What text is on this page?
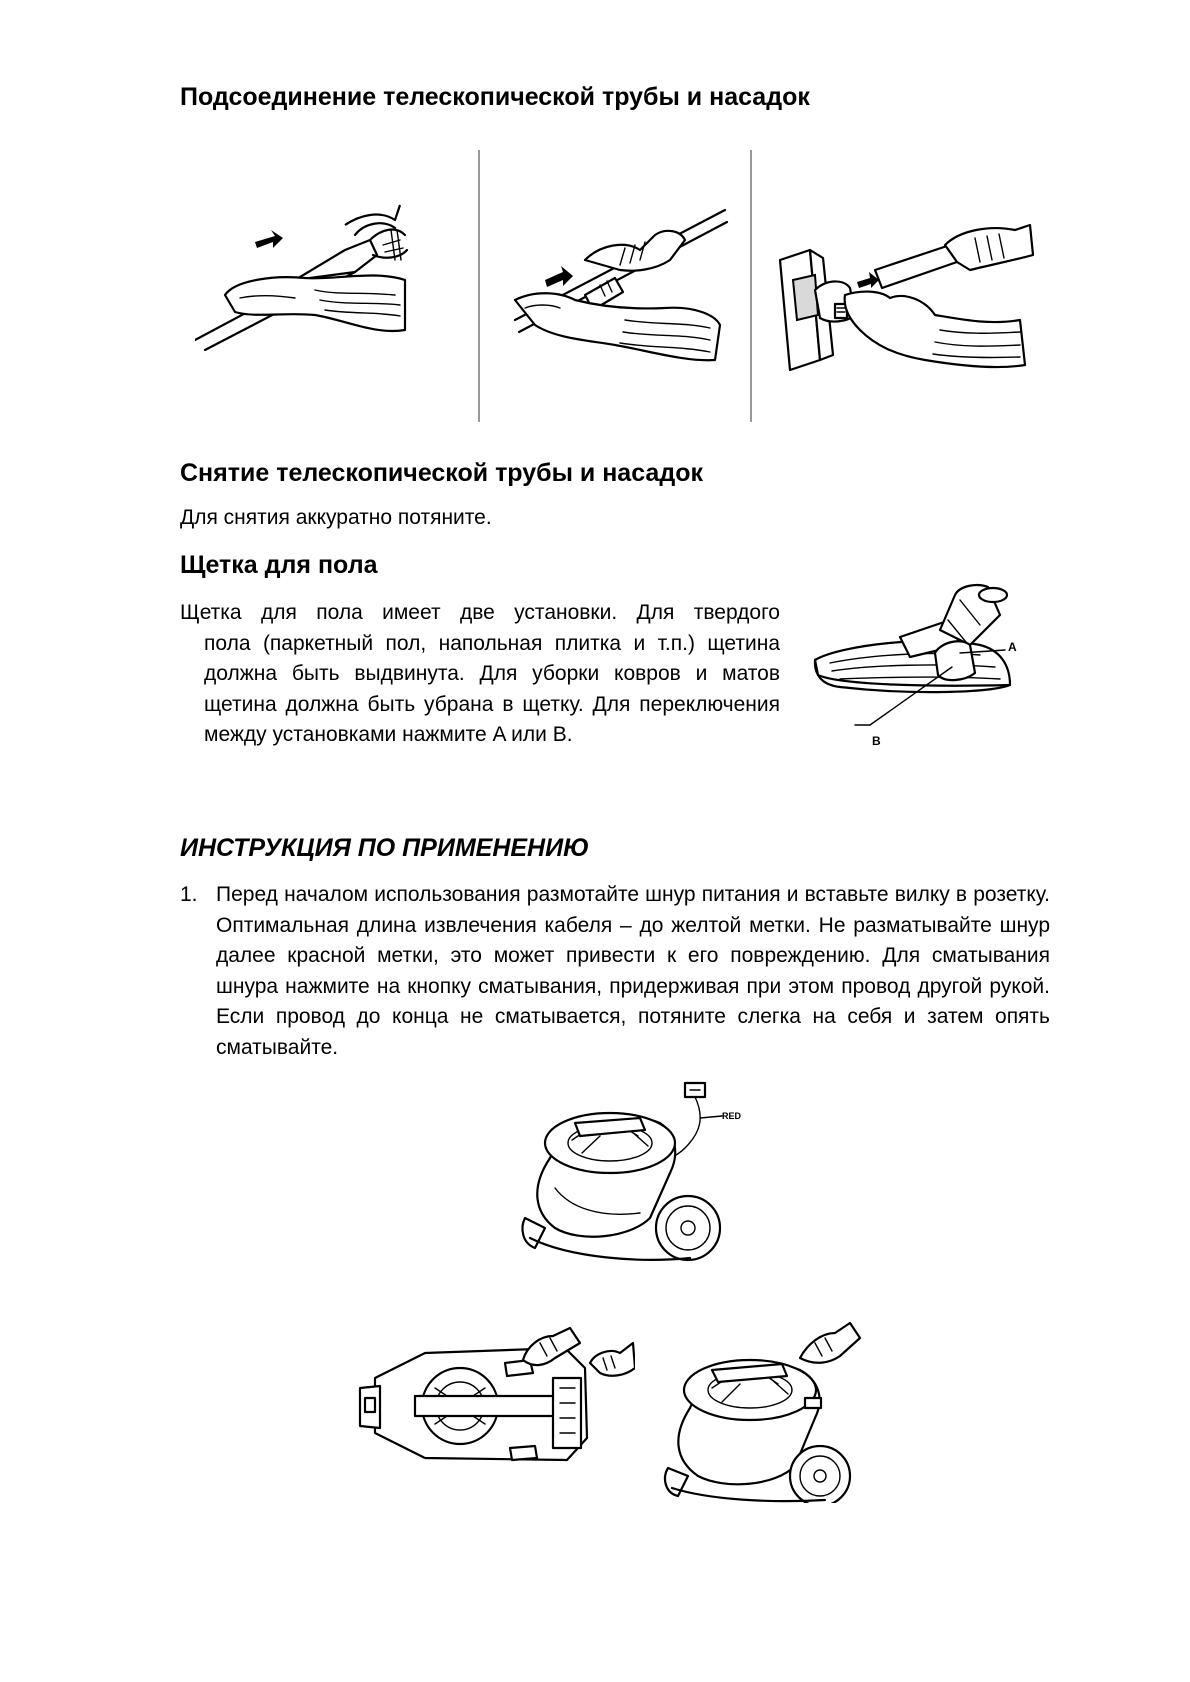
Подсоединение телескопической трубы и насадок
Снятие телескопической трубы и насадок

Для снятия аккуратно потяните.

Щетка для пола
Щетка для пола имеет две установки. Для твердого
пола (паркетный пол, напольная плитка и т.п.) щетина должна быть выдвинута. Для уборки ковров и матов щетина должна быть убрана в щетку. Для переключения между установками нажмите A или B.
A
B
ИНСТРУКЦИЯ ПО ПРИМЕНЕНИЮ
1. Перед началом использования размотайте шнур питания и вставьте вилку в розетку. Оптимальная длина извлечения кабеля – до желтой метки. Не разматывайте шнур далее красной метки, это может привести к его повреждению. Для сматывания шнура нажмите на кнопку сматывания, придерживая при этом провод другой рукой. Если провод до конца не сматывается, потяните слегка на себя и затем опять сматывайте.
RED
